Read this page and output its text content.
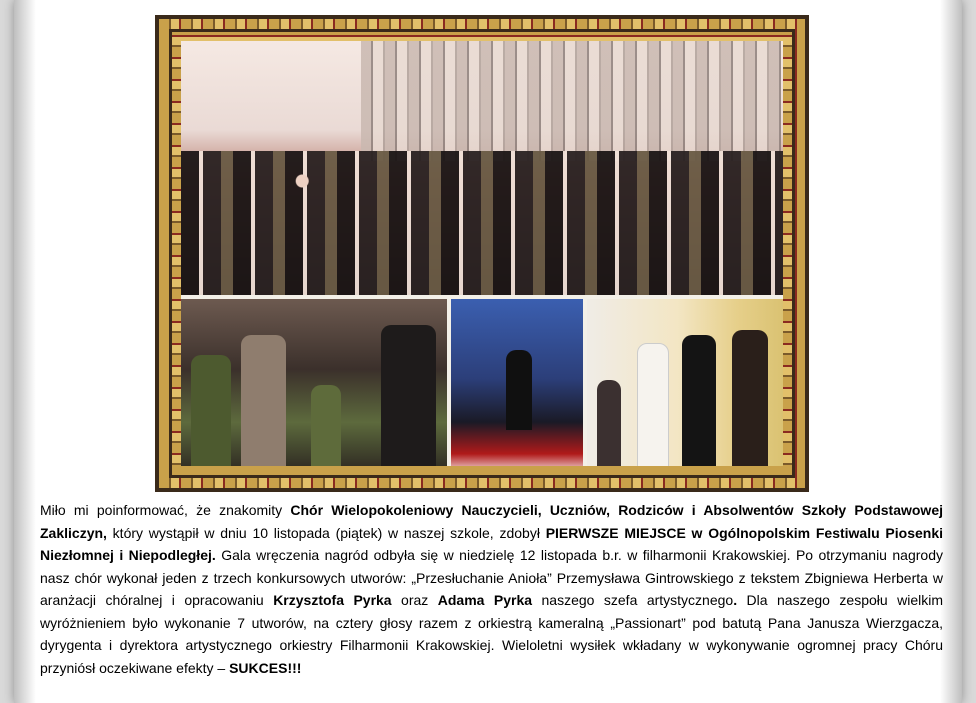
Miło mi poinformować, że znakomity Chór Wielopokoleniowy Nauczycieli, Uczniów, Rodziców i Absolwentów Szkoły Podstawowej Zakliczyn, który wystąpił w dniu 10 listopada (piątek) w naszej szkole, zdobył PIERWSZE MIEJSCE w Ogólnopolskim Festiwalu Piosenki Niezłomnej i Niepodległej. Gala wręczenia nagród odbyła się w niedzielę 12 listopada b.r. w filharmonii Krakowskiej. Po otrzymaniu nagrody nasz chór wykonał jeden z trzech konkursowych utworów: „Przesłuchanie Anioła” Przemysława Gintrowskiego z tekstem Zbigniewa Herberta w aranżacji chóralnej i opracowaniu Krzysztofa Pyrka oraz Adama Pyrka naszego szefa artystycznego. Dla naszego zespołu wielkim wyróżnieniem było wykonanie 7 utworów, na cztery głosy razem z orkiestrą kameralną „Passionart” pod batutą Pana Janusza Wierzgacza, dyrygenta i dyrektora artystycznego orkiestry Filharmonii Krakowskiej. Wieloletni wysiłek wkładany w wykonywanie ogromnej pracy Chóru przyniósł oczekiwane efekty – SUKCES!!!
